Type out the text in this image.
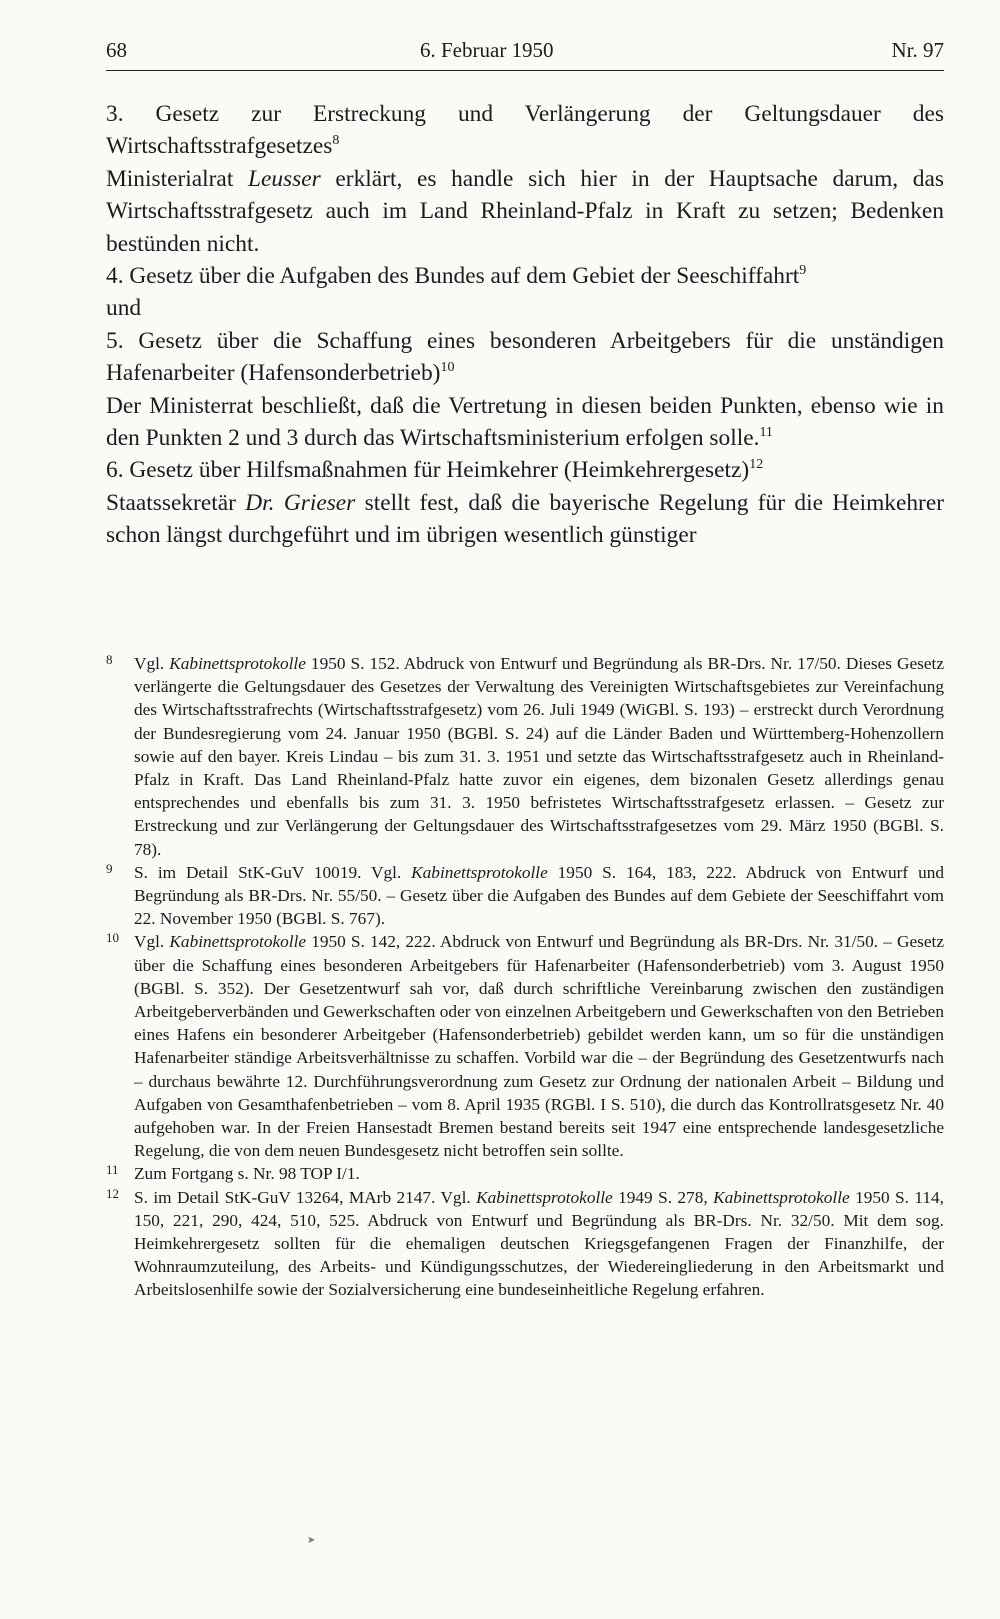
68	6. Februar 1950	Nr. 97

3. Gesetz zur Erstreckung und Verlängerung der Geltungsdauer des Wirtschaftsstrafgesetzes$^8$

Ministerialrat Leusser erklärt, es handle sich hier in der Hauptsache darum, das Wirtschaftsstrafgesetz auch im Land Rheinland-Pfalz in Kraft zu setzen; Bedenken bestünden nicht.

4. Gesetz über die Aufgaben des Bundes auf dem Gebiet der Seeschiffahrt$^9$
und

5. Gesetz über die Schaffung eines besonderen Arbeitgebers für die unständigen Hafenarbeiter (Hafensonderbetrieb)$^{10}$

Der Ministerrat beschließt, daß die Vertretung in diesen beiden Punkten, ebenso wie in den Punkten 2 und 3 durch das Wirtschaftsministerium erfolgen solle.$^{11}$

6. Gesetz über Hilfsmaßnahmen für Heimkehrer (Heimkehrergesetz)$^{12}$

Staatssekretär Dr. Grieser stellt fest, daß die bayerische Regelung für die Heimkehrer schon längst durchgeführt und im übrigen wesentlich günstiger

8 Vgl. Kabinettsprotokolle 1950 S. 152. Abdruck von Entwurf und Begründung als BR-Drs. Nr. 17/50. Dieses Gesetz verlängerte die Geltungsdauer des Gesetzes der Verwaltung des Vereinigten Wirtschaftsgebietes zur Vereinfachung des Wirtschaftsstrafrechts (Wirtschaftsstrafgesetz) vom 26. Juli 1949 (WiGBl. S. 193) – erstreckt durch Verordnung der Bundesregierung vom 24. Januar 1950 (BGBl. S. 24) auf die Länder Baden und Württemberg-Hohenzollern sowie auf den bayer. Kreis Lindau – bis zum 31. 3. 1951 und setzte das Wirtschaftsstrafgesetz auch in Rheinland-Pfalz in Kraft. Das Land Rheinland-Pfalz hatte zuvor ein eigenes, dem bizonalen Gesetz allerdings genau entsprechendes und ebenfalls bis zum 31. 3. 1950 befristetes Wirtschaftsstrafgesetz erlassen. – Gesetz zur Erstreckung und zur Verlängerung der Geltungsdauer des Wirtschaftsstrafgesetzes vom 29. März 1950 (BGBl. S. 78).
9 S. im Detail StK-GuV 10019. Vgl. Kabinettsprotokolle 1950 S. 164, 183, 222. Abdruck von Entwurf und Begründung als BR-Drs. Nr. 55/50. – Gesetz über die Aufgaben des Bundes auf dem Gebiete der Seeschiffahrt vom 22. November 1950 (BGBl. S. 767).
10 Vgl. Kabinettsprotokolle 1950 S. 142, 222. Abdruck von Entwurf und Begründung als BR-Drs. Nr. 31/50. – Gesetz über die Schaffung eines besonderen Arbeitgebers für Hafenarbeiter (Hafensonderbetrieb) vom 3. August 1950 (BGBl. S. 352). Der Gesetzentwurf sah vor, daß durch schriftliche Vereinbarung zwischen den zuständigen Arbeitgeberverbänden und Gewerkschaften oder von einzelnen Arbeitgebern und Gewerkschaften von den Betrieben eines Hafens ein besonderer Arbeitgeber (Hafensonderbetrieb) gebildet werden kann, um so für die unständigen Hafenarbeiter ständige Arbeitsverhältnisse zu schaffen. Vorbild war die – der Begründung des Gesetzentwurfs nach – durchaus bewährte 12. Durchführungsverordnung zum Gesetz zur Ordnung der nationalen Arbeit – Bildung und Aufgaben von Gesamthafenbetrieben – vom 8. April 1935 (RGBl. I S. 510), die durch das Kontrollratsgesetz Nr. 40 aufgehoben war. In der Freien Hansestadt Bremen bestand bereits seit 1947 eine entsprechende landesgesetzliche Regelung, die von dem neuen Bundesgesetz nicht betroffen sein sollte.
11 Zum Fortgang s. Nr. 98 TOP I/1.
12 S. im Detail StK-GuV 13264, MArb 2147. Vgl. Kabinettsprotokolle 1949 S. 278, Kabinettsprotokolle 1950 S. 114, 150, 221, 290, 424, 510, 525. Abdruck von Entwurf und Begründung als BR-Drs. Nr. 32/50. Mit dem sog. Heimkehrergesetz sollten für die ehemaligen deutschen Kriegsgefangenen Fragen der Finanzhilfe, der Wohnraumzuteilung, des Arbeits- und Kündigungsschutzes, der Wiedereingliederung in den Arbeitsmarkt und Arbeitslosenhilfe sowie der Sozialversicherung eine bundeseinheitliche Regelung erfahren.
➤
